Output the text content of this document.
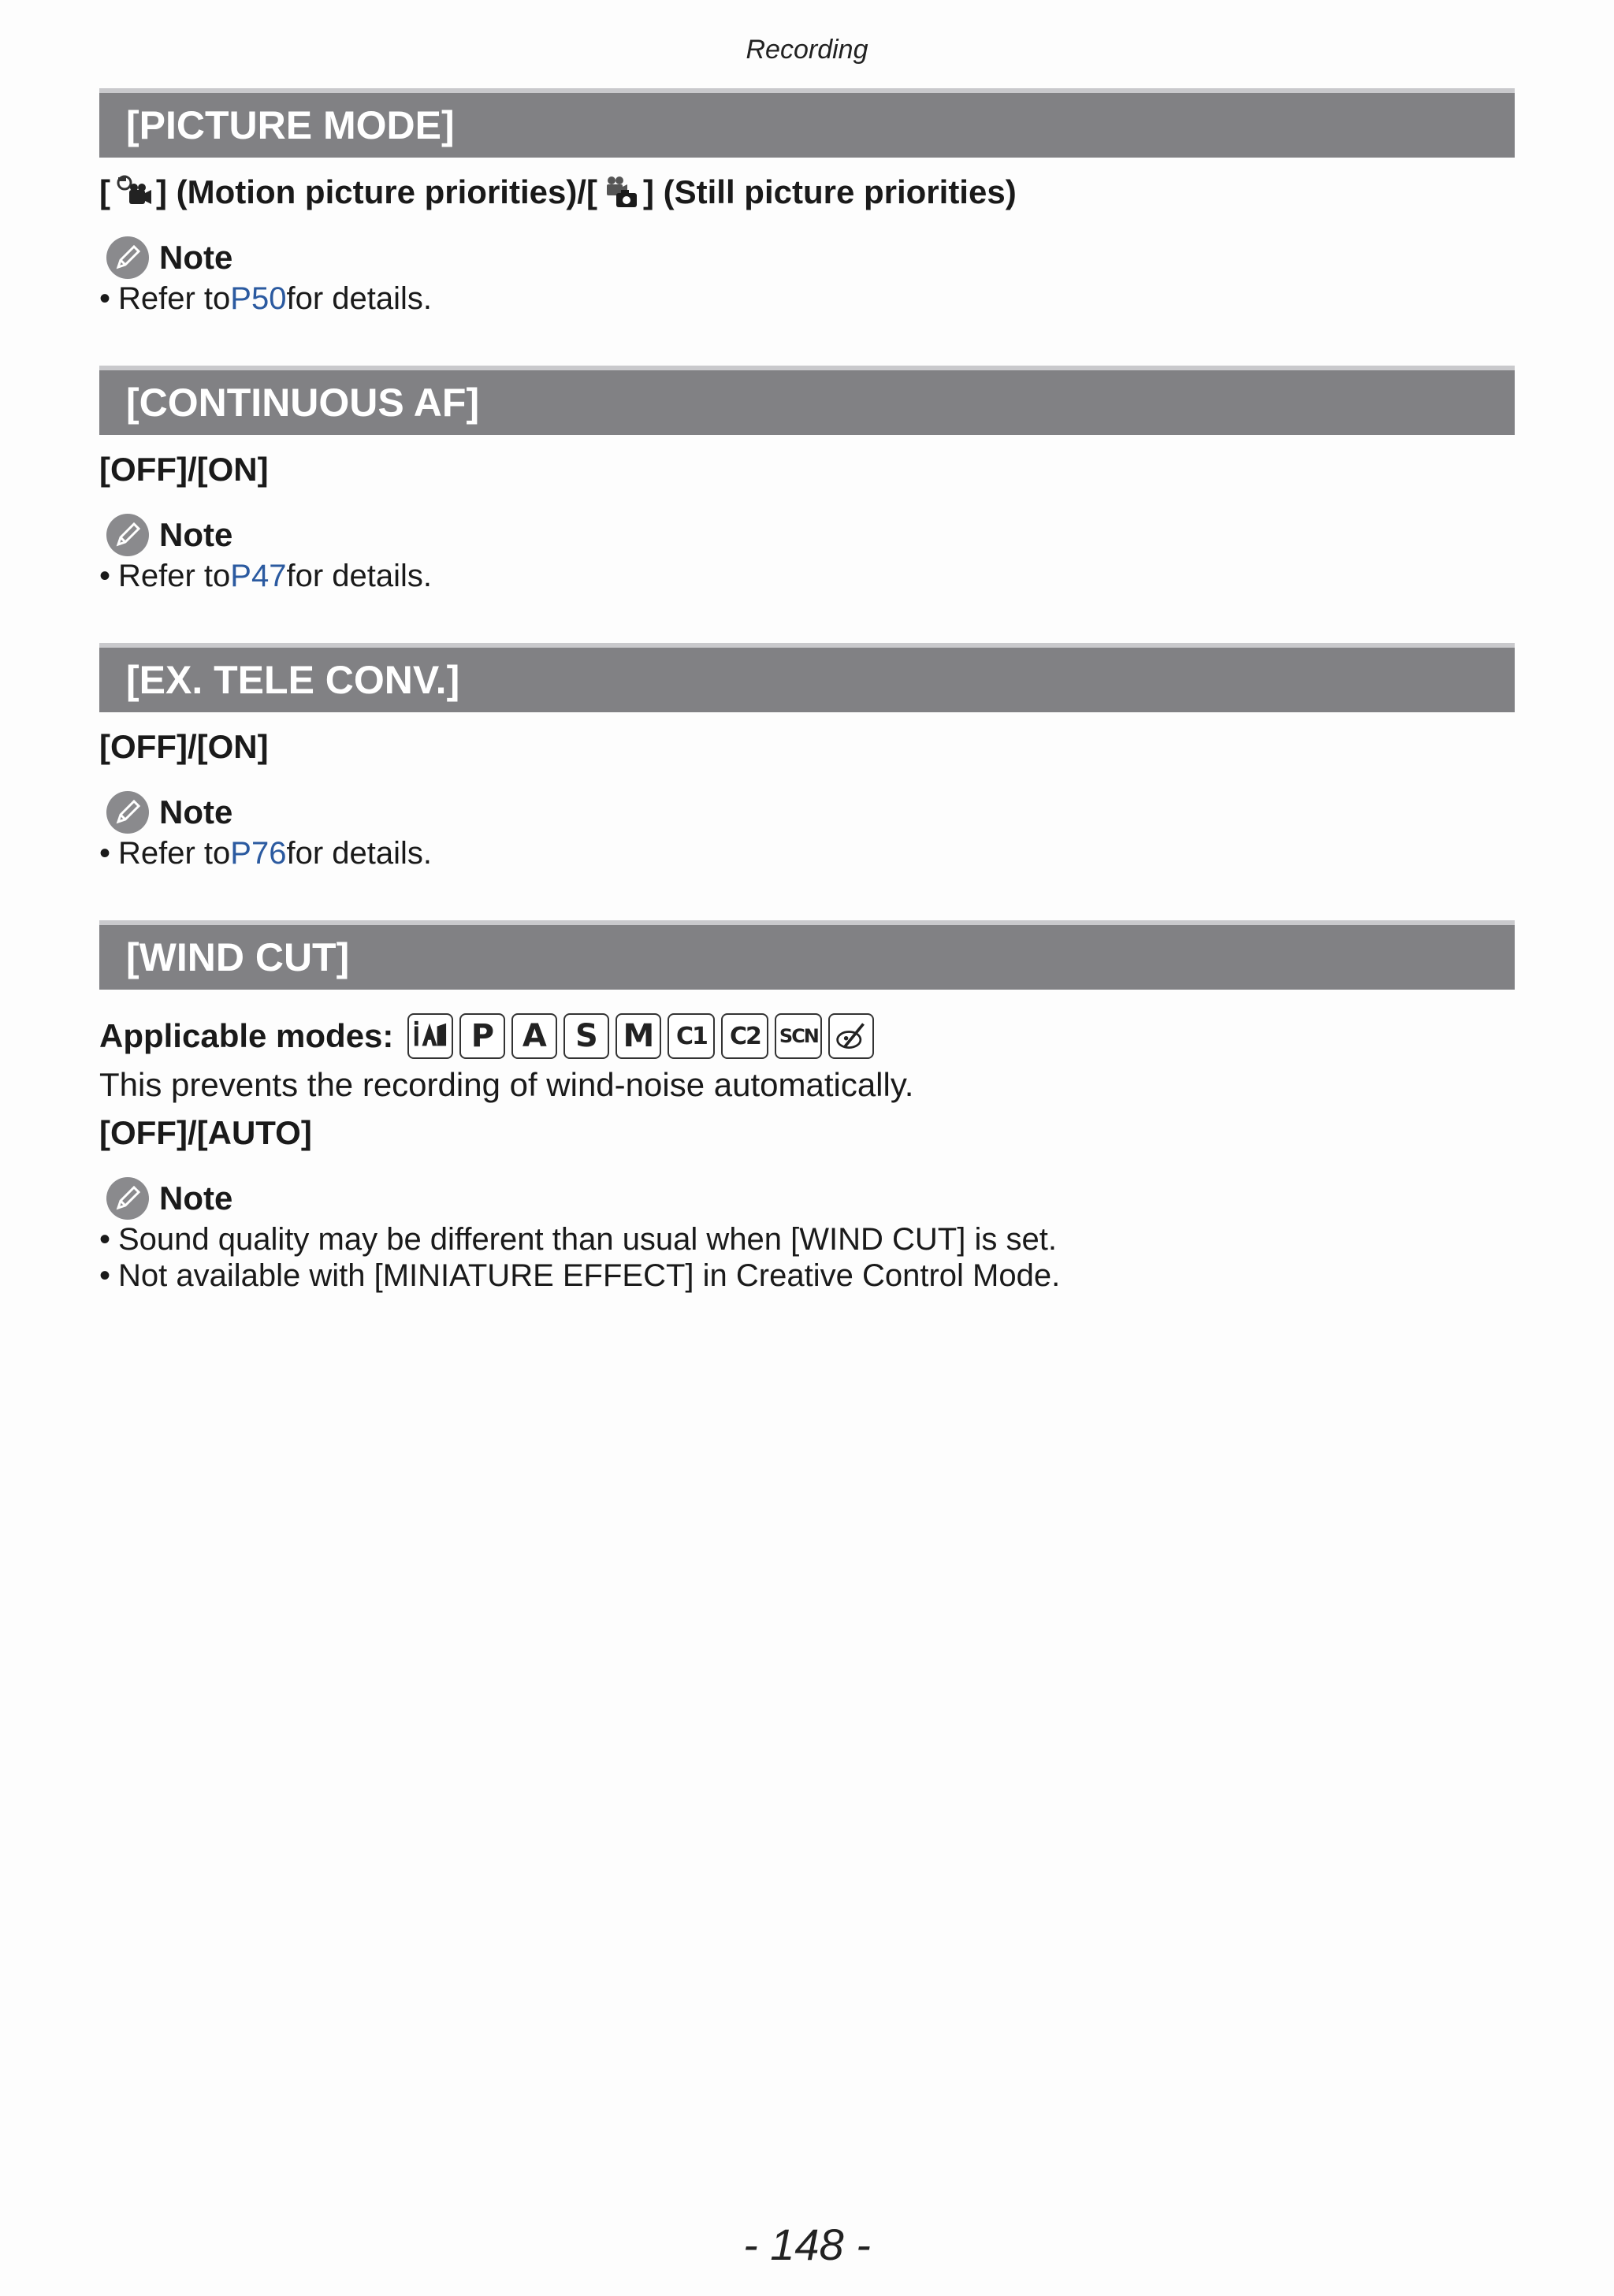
Recording
[PICTURE MODE]
[ ] (Motion picture priorities)/[ ] (Still picture priorities)
Note
• Refer to P50 for details.
[CONTINUOUS AF]
[OFF]/[ON]
Note
• Refer to P47 for details.
[EX. TELE CONV.]
[OFF]/[ON]
Note
• Refer to P76 for details.
[WIND CUT]
Applicable modes:	P A S M C1 C2	SCN
This prevents the recording of wind-noise automatically.
[OFF]/[AUTO]
Note
• Sound quality may be different than usual when [WIND CUT] is set.
• Not available with [MINIATURE EFFECT] in Creative Control Mode.
- 148 -
